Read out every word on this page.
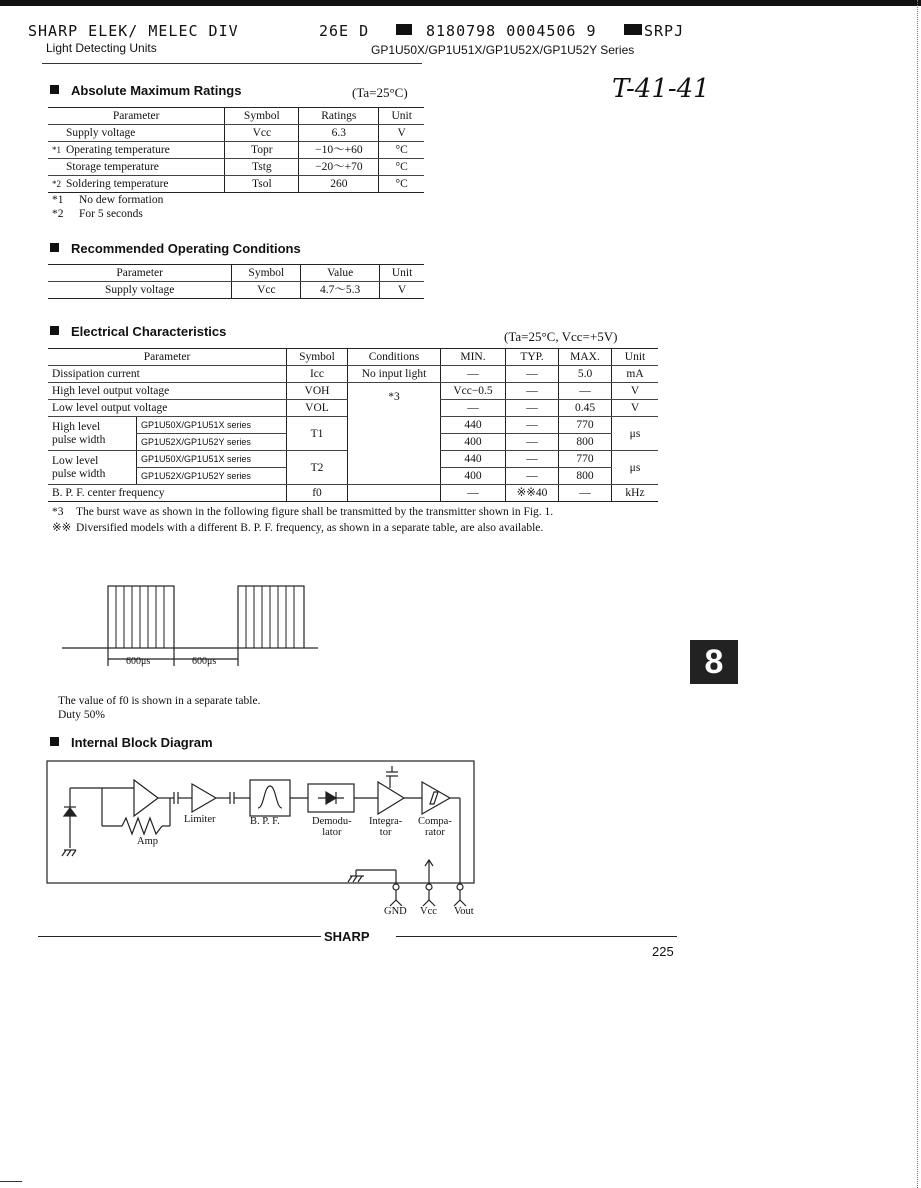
SHARP ELEK/ MELEC DIV
Light Detecting Units
26E D	8180798 0004506 9	SRPJ
GP1U50X/GP1U51X/GP1U52X/GP1U52Y Series
T-41-41
Absolute Maximum Ratings	(Ta=25°C)
Parameter	Symbol	Ratings	Unit
Supply voltage	Vcc	6.3	V
*1 Operating temperature	Topr	−10～+60	°C
Storage temperature	Tstg	−20～+70	°C
*2 Soldering temperature	Tsol	260	°C
*1 No dew formation
*2 For 5 seconds
Recommended Operating Conditions
Parameter	Symbol	Value	Unit
Supply voltage	Vcc	4.7～5.3	V
Electrical Characteristics	(Ta=25°C, Vcc=+5V)
Parameter		Symbol	Conditions	MIN.	TYP.	MAX.	Unit
Dissipation current		Icc	No input light	—	—	5.0	mA
High level output voltage		VOH	*3	Vcc−0.5	—	—	V
Low level output voltage		VOL		—	—	0.45	V
High level
pulse width	GP1U50X/GP1U51X series	T1		440	—	770	μs
	GP1U52X/GP1U52Y series			400	—	800	
Low level
pulse width	GP1U50X/GP1U51X series	T2		440	—	770	μs
	GP1U52X/GP1U52Y series			400	—	800	
B. P. F. center frequency		f0		—	※※40	—	kHz
*3 The burst wave as shown in the following figure shall be transmitted by the transmitter shown in Fig. 1.
※※ Diversified models with a different B. P. F. frequency, as shown in a separate table, are also available.
600μs	600μs
The value of f0 is shown in a separate table.
Duty 50%
8
Internal Block Diagram
Amp
Limiter	B. P. F.	Demodu-
lator
Integra-
tor
Compa-
rator
GND Vcc Vout
SHARP
225
